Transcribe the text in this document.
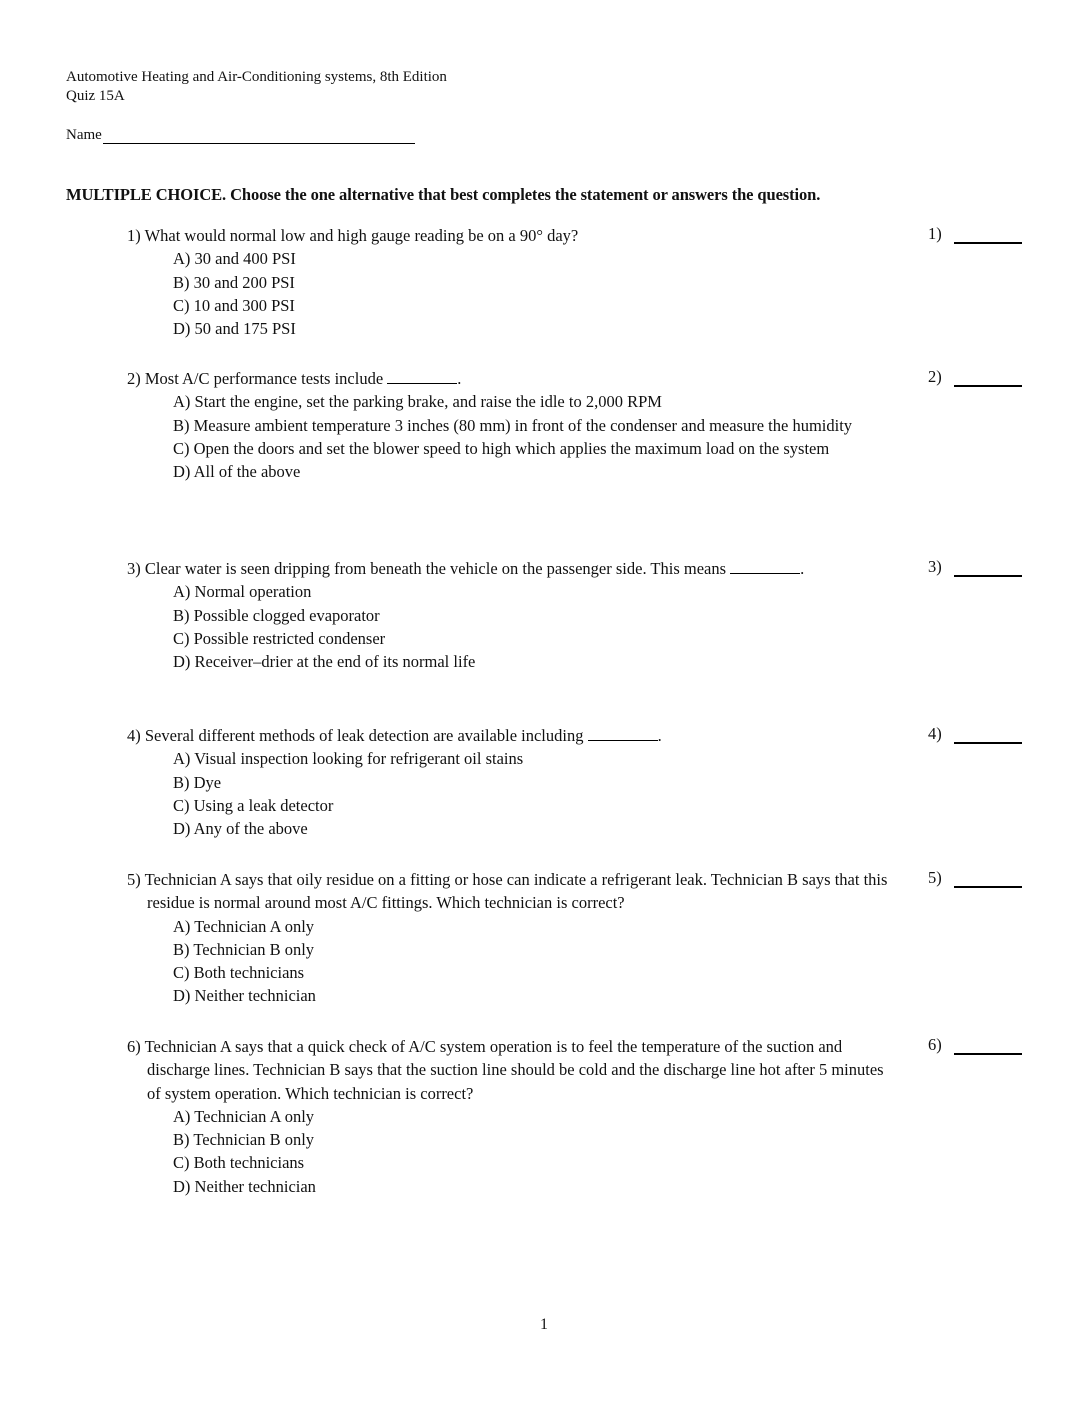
Automotive Heating and Air-Conditioning systems, 8th Edition
Quiz 15A
Name
MULTIPLE CHOICE. Choose the one alternative that best completes the statement or answers the question.
1) What would normal low and high gauge reading be on a 90° day?
A) 30 and 400 PSI
B) 30 and 200 PSI
C) 10 and 300 PSI
D) 50 and 175 PSI
1)
2) Most A/C performance tests include	.
A) Start the engine, set the parking brake, and raise the idle to 2,000 RPM
B) Measure ambient temperature 3 inches (80 mm) in front of the condenser and measure the humidity
C) Open the doors and set the blower speed to high which applies the maximum load on the system
D) All of the above
2)
3) Clear water is seen dripping from beneath the vehicle on the passenger side. This means	.
A) Normal operation
B) Possible clogged evaporator
C) Possible restricted condenser
D) Receiver–drier at the end of its normal life
3)
4) Several different methods of leak detection are available including	.
A) Visual inspection looking for refrigerant oil stains
B) Dye
C) Using a leak detector
D) Any of the above
4)
5) Technician A says that oily residue on a fitting or hose can indicate a refrigerant leak. Technician B says that this residue is normal around most A/C fittings. Which technician is correct?
A) Technician A only
B) Technician B only
C) Both technicians
D) Neither technician
5)
6) Technician A says that a quick check of A/C system operation is to feel the temperature of the suction and discharge lines. Technician B says that the suction line should be cold and the discharge line hot after 5 minutes of system operation. Which technician is correct?
A) Technician A only
B) Technician B only
C) Both technicians
D) Neither technician
6)
1
